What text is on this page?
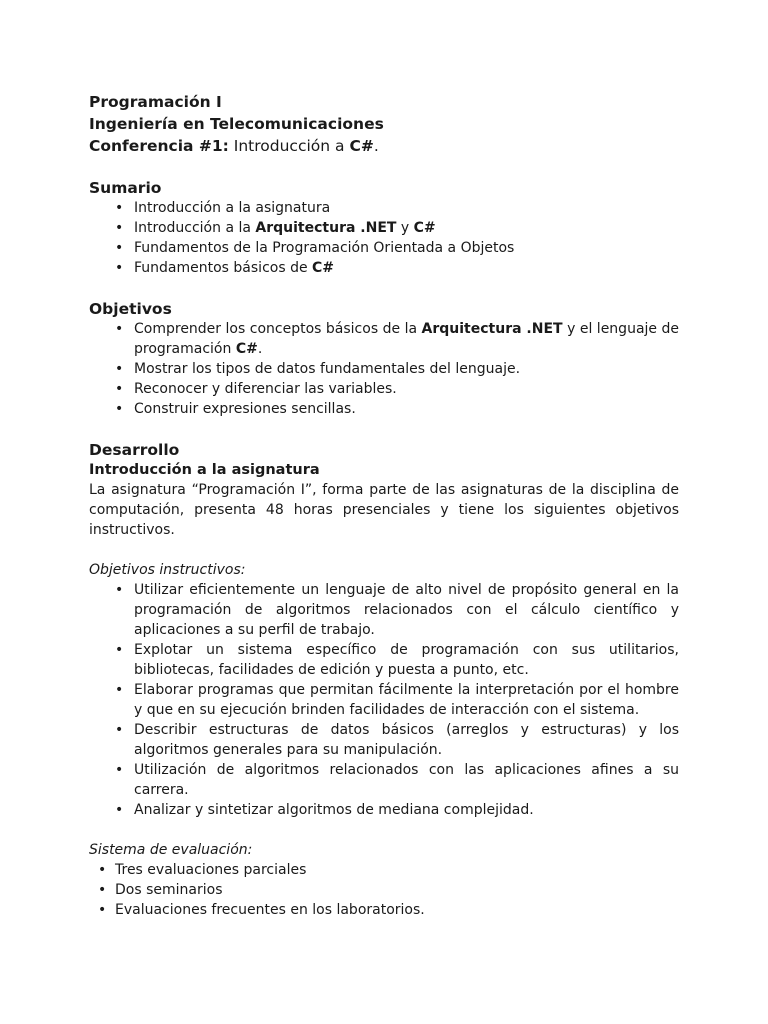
Programación I
Ingeniería en Telecomunicaciones
Conferencia #1: Introducción a C#.
Sumario
• Introducción a la asignatura
• Introducción a la Arquitectura .NET y C#
• Fundamentos de la Programación Orientada a Objetos
• Fundamentos básicos de C#
Objetivos
• Comprender los conceptos básicos de la Arquitectura .NET y el lenguaje de programación C#.
• Mostrar los tipos de datos fundamentales del lenguaje.
• Reconocer y diferenciar las variables.
• Construir expresiones sencillas.
Desarrollo
Introducción a la asignatura

La asignatura “Programación I”, forma parte de las asignaturas de la disciplina de computación, presenta 48 horas presenciales y tiene los siguientes objetivos instructivos.

Objetivos instructivos:
• Utilizar eficientemente un lenguaje de alto nivel de propósito general en la programación de algoritmos relacionados con el cálculo científico y aplicaciones a su perfil de trabajo.
• Explotar un sistema específico de programación con sus utilitarios, bibliotecas, facilidades de edición y puesta a punto, etc.
• Elaborar programas que permitan fácilmente la interpretación por el hombre y que en su ejecución brinden facilidades de interacción con el sistema.
• Describir estructuras de datos básicos (arreglos y estructuras) y los algoritmos generales para su manipulación.
• Utilización de algoritmos relacionados con las aplicaciones afines a su carrera.
• Analizar y sintetizar algoritmos de mediana complejidad.
Sistema de evaluación:
• Tres evaluaciones parciales
• Dos seminarios
• Evaluaciones frecuentes en los laboratorios.
